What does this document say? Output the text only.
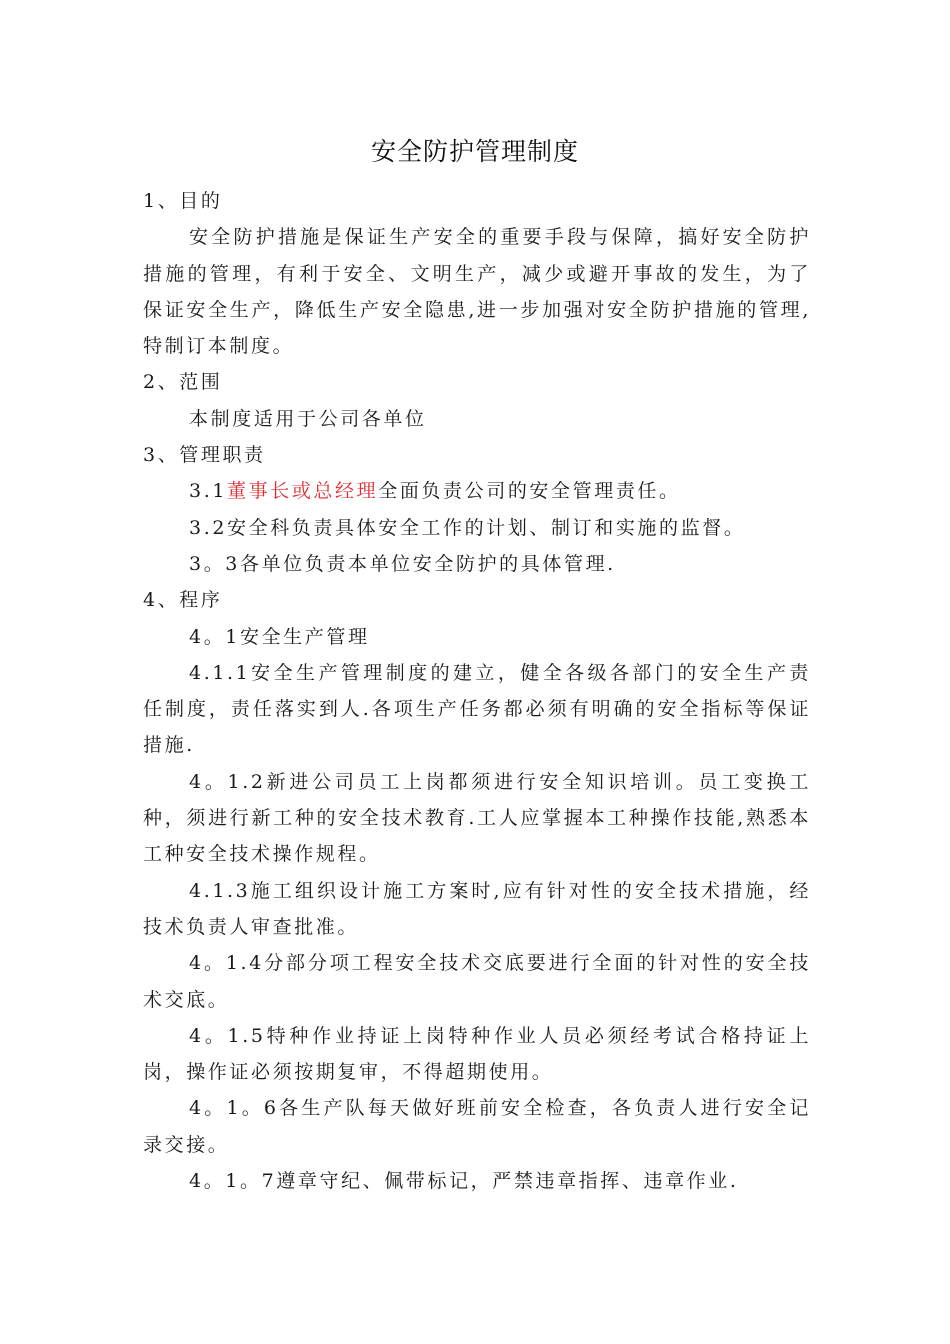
安全防护管理制度

1、目的

安全防护措施是保证生产安全的重要手段与保障，搞好安全防护措施的管理，有利于安全、文明生产，减少或避开事故的发生，为了保证安全生产，降低生产安全隐患,进一步加强对安全防护措施的管理,特制订本制度。

2、范围

本制度适用于公司各单位

3、管理职责

3.1董事长或总经理全面负责公司的安全管理责任。

3.2安全科负责具体安全工作的计划、制订和实施的监督。

3。3各单位负责本单位安全防护的具体管理.

4、程序

4。1安全生产管理

4.1.1安全生产管理制度的建立，健全各级各部门的安全生产责任制度，责任落实到人.各项生产任务都必须有明确的安全指标等保证措施.

4。1.2新进公司员工上岗都须进行安全知识培训。员工变换工种，须进行新工种的安全技术教育.工人应掌握本工种操作技能,熟悉本工种安全技术操作规程。

4.1.3施工组织设计施工方案时,应有针对性的安全技术措施，经技术负责人审查批准。

4。1.4分部分项工程安全技术交底要进行全面的针对性的安全技术交底。

4。1.5特种作业持证上岗特种作业人员必须经考试合格持证上岗，操作证必须按期复审，不得超期使用。

4。1。6各生产队每天做好班前安全检查，各负责人进行安全记录交接。

4。1。7遵章守纪、佩带标记，严禁违章指挥、违章作业.
